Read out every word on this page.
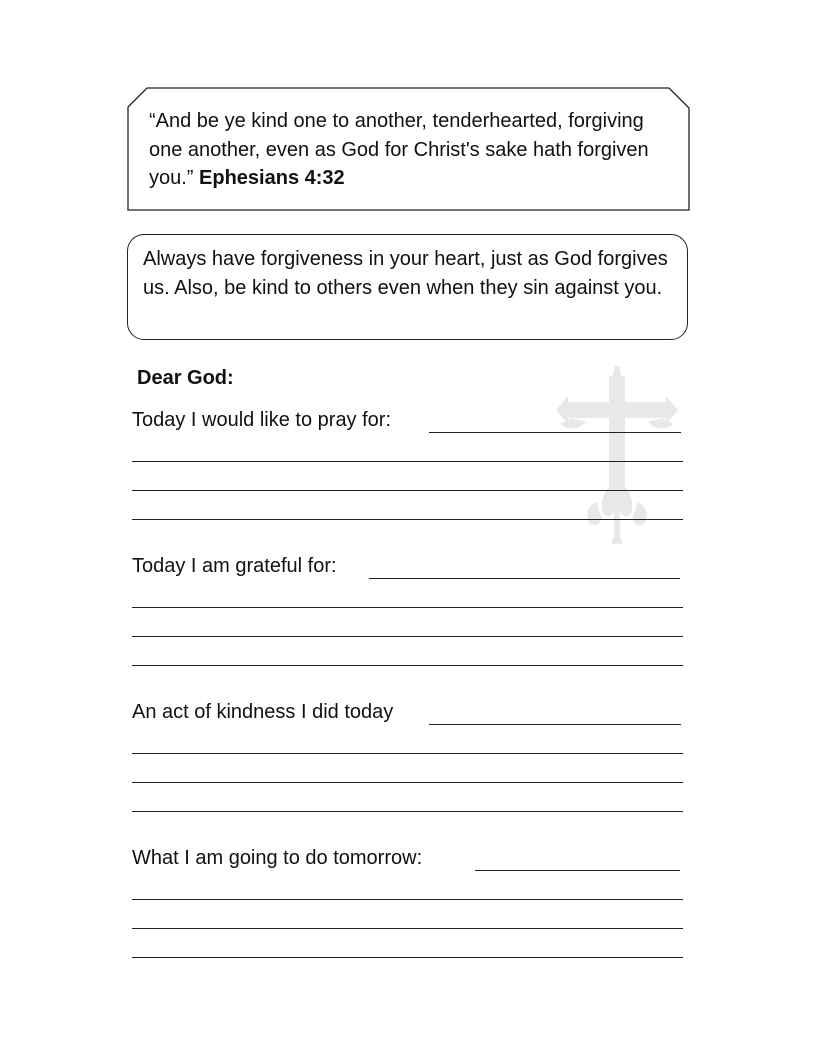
“And be ye kind one to another, tenderhearted, forgiving one another, even as God for Christ's sake hath forgiven you.” Ephesians 4:32
Always have forgiveness in your heart, just as God forgives us. Also, be kind to others even when they sin against you.
Dear God:
Today I would like to pray for:
Today I am grateful for:
An act of kindness I did today
What I am going to do tomorrow:
